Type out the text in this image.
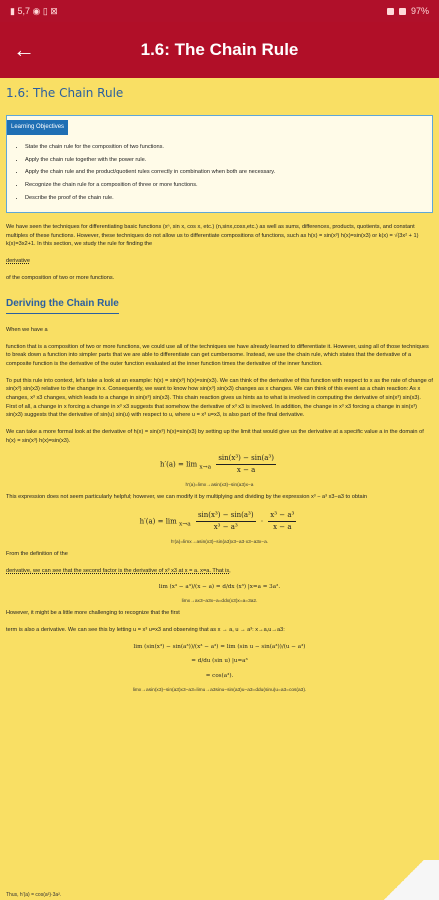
▮ 5,7 ◉ ▯ ⊠	97%
←	1.6: The Chain Rule
1.6: The Chain Rule
Learning Objectives
• State the chain rule for the composition of two functions.
• Apply the chain rule together with the power rule.
• Apply the chain rule and the product/quotient rules correctly in combination when both are necessary.
• Recognize the chain rule for a composition of three or more functions.
• Describe the proof of the chain rule.

We have seen the techniques for differentiating basic functions (xⁿ, sin x, cos x, etc.) (n,sinx,cosx,etc.) as well as sums, differences, products, quotients, and constant multiples of these functions. However, these techniques do not allow us to differentiate compositions of functions, such as h(x) = sin(x³) h(x)=sin(x3) or k(x) = √(3x² + 1) k(x)=3x2+1. In this section, we study the rule for finding the

derivative

of the composition of two or more functions.

Deriving the Chain Rule

When we have a

function that is a composition of two or more functions, we could use all of the techniques we have already learned to differentiate it. However, using all of those techniques to break down a function into simpler parts that we are able to differentiate can get cumbersome. Instead, we use the chain rule, which states that the derivative of a composite function is the derivative of the outer function evaluated at the inner function times the derivative of the inner function.

To put this rule into context, let's take a look at an example: h(x) = sin(x³) h(x)=sin(x3). We can think of the derivative of this function with respect to x as the rate of change of sin(x³) sin(x3) relative to the change in x. Consequently, we want to know how sin(x³) sin(x3) changes as x changes. We can think of this event as a chain reaction: As x changes, x³ x3 changes, which leads to a change in sin(x³) sin(x3). This chain reaction gives us hints as to what is involved in computing the derivative of sin(x³) sin(x3). First of all, a change in x forcing a change in x³ x3 suggests that somehow the derivative of x³ x3 is involved. In addition, the change in x³ x3 forcing a change in sin(x³) sin(x3) suggests that the derivative of sin(u) sin(u) with respect to u, where u = x³ u=x3, is also part of the final derivative.

We can take a more formal look at the derivative of h(x) = sin(x³) h(x)=sin(x3) by setting up the limit that would give us the derivative at a specific value a in the domain of h(x) = sin(x³) h(x)=sin(x3).

$h'(a) = \lim _{x\to a} \frac{\text{sin(x³) − sin(a³)}}{x - a}$
h′(a)=limx→asin(x3)−sin(a3)x−a

This expression does not seem particularly helpful; however, we can modify it by multiplying and dividing by the expression x³ − a³ x3−a3 to obtain

$h'(a) = \lim _{x\to a} \frac{\text{sin(x³) − sin(a³)}}{\text{x³ − a³}} \cdot \frac{\text{x³ − a³}}{x - a}$
h′(a)=limx→asin(x3)−sin(a3)x3−a3⋅x3−a3x−a.

From the definition of the

derivative, we can see that the second factor is the derivative of x³ x3 at x = a. x=a. That is,

lim (x³ − a³)/(x − a) = d/dx (x³) |x=a = 3a².
limx→ax3−a3x−a=ddx(x3)x=a=3a2.

However, it might be a little more challenging to recognize that the first

term is also a derivative. We can see this by letting u = x³ u=x3 and observing that as x → a, u → a³: x→a,u→a3:

lim (sin(x³) − sin(a³))/(x³ − a³) = lim (sin u − sin(a³))/(u − a³)
= d/du (sin u) |u=a³
= cos(a³).
limx→asin(x3)−sin(a3)x3−a3=limu→a3sinu−sin(a3)u−a3=ddu(sinu)u=a3=cos(a3).
Thus, h′(a) = cos(a³)·3a².
